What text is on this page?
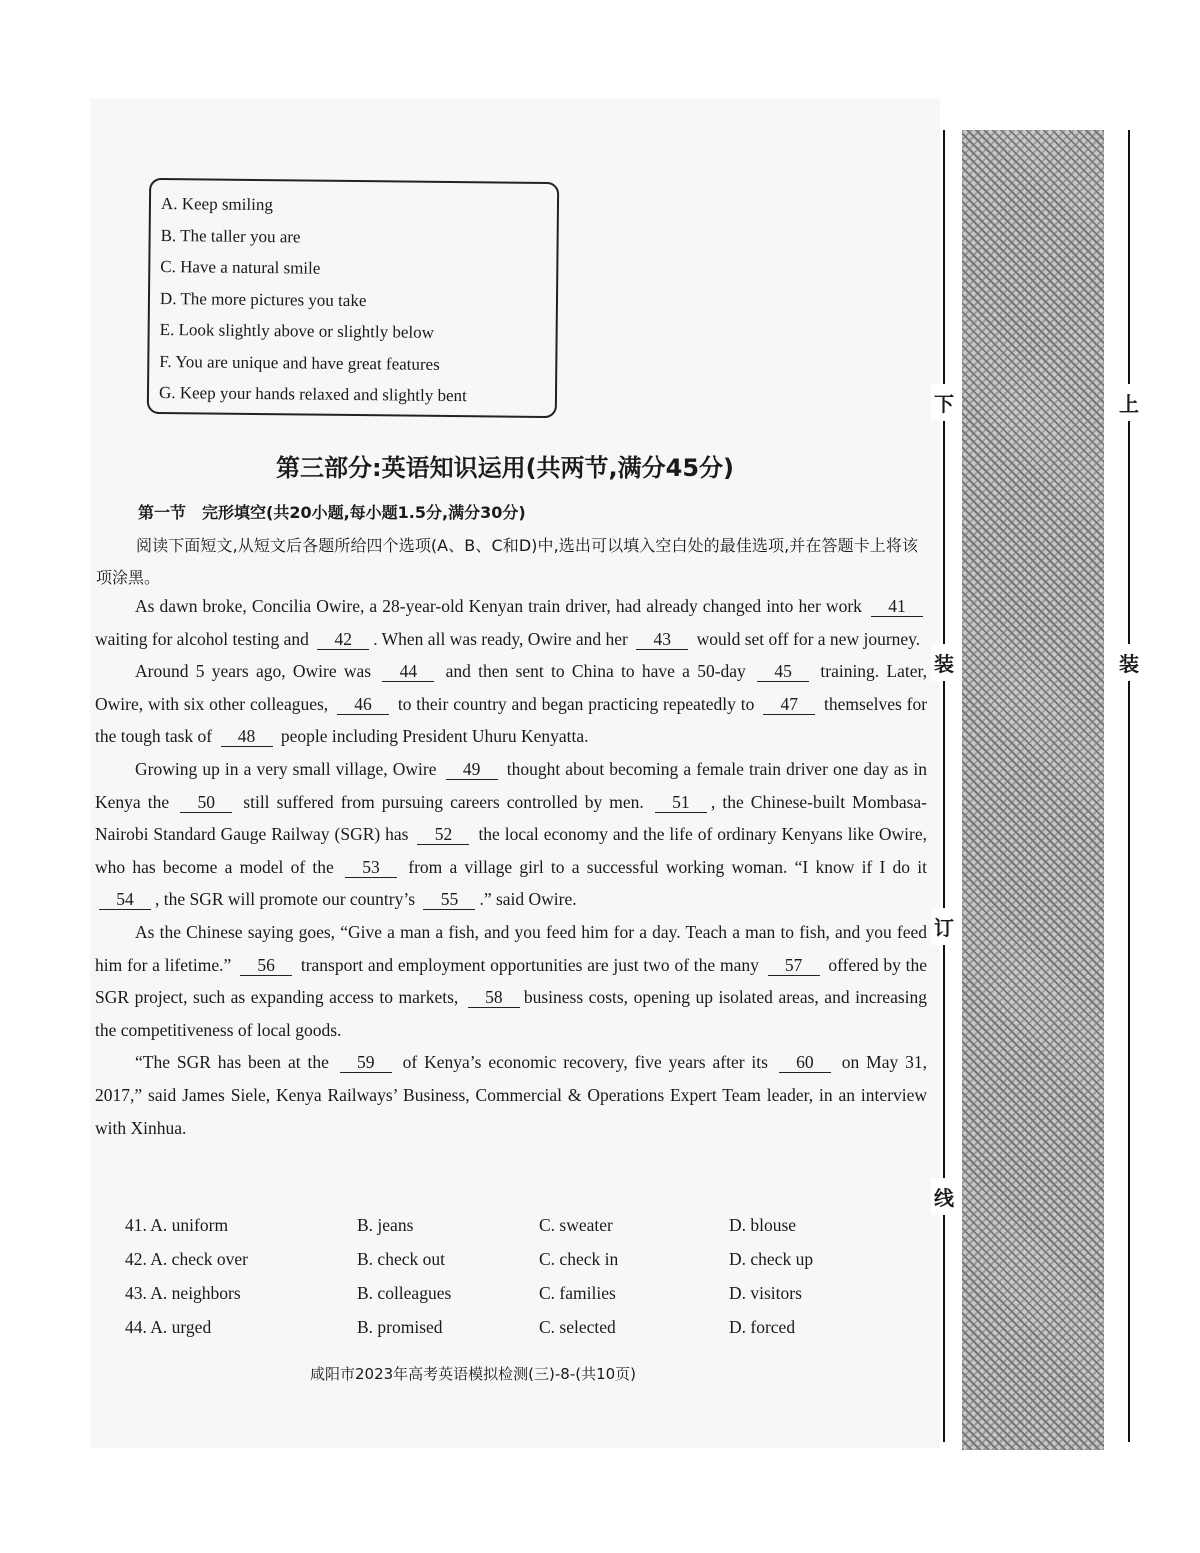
A. Keep smiling
B. The taller you are
C. Have a natural smile
D. The more pictures you take
E. Look slightly above or slightly below
F. You are unique and have great features
G. Keep your hands relaxed and slightly bent
第三部分:英语知识运用(共两节,满分45分)
第一节　完形填空(共20小题,每小题1.5分,满分30分)
阅读下面短文,从短文后各题所给四个选项(A、B、C和D)中,选出可以填入空白处的最佳选项,并在答题卡上将该项涂黑。

As dawn broke, Concilia Owire, a 28-year-old Kenyan train driver, had already changed into her work 41 waiting for alcohol testing and 42 . When all was ready, Owire and her 43 would set off for a new journey.

Around 5 years ago, Owire was 44 and then sent to China to have a 50-day 45 training. Later, Owire, with six other colleagues, 46 to their country and began practicing repeatedly to 47 themselves for the tough task of 48 people including President Uhuru Kenyatta.

Growing up in a very small village, Owire 49 thought about becoming a female train driver one day as in Kenya the 50 still suffered from pursuing careers controlled by men. 51 , the Chinese-built Mombasa-Nairobi Standard Gauge Railway (SGR) has 52 the local economy and the life of ordinary Kenyans like Owire, who has become a model of the 53 from a village girl to a successful working woman. “I know if I do it 54 , the SGR will promote our country’s 55 .” said Owire.

As the Chinese saying goes, “Give a man a fish, and you feed him for a day. Teach a man to fish, and you feed him for a lifetime.” 56 transport and employment opportunities are just two of the many 57 offered by the SGR project, such as expanding access to markets, 58 business costs, opening up isolated areas, and increasing the competitiveness of local goods.

“The SGR has been at the 59 of Kenya’s economic recovery, five years after its 60 on May 31, 2017,” said James Siele, Kenya Railways’ Business, Commercial & Operations Expert Team leader, in an interview with Xinhua.

41. A. uniform	B. jeans	C. sweater	D. blouse
42. A. check over	B. check out	C. check in	D. check up
43. A. neighbors	B. colleagues	C. families	D. visitors
44. A. urged	B. promised	C. selected	D. forced
咸阳市2023年高考英语模拟检测(三)-8-(共10页)
下
装
订
线
上
装
